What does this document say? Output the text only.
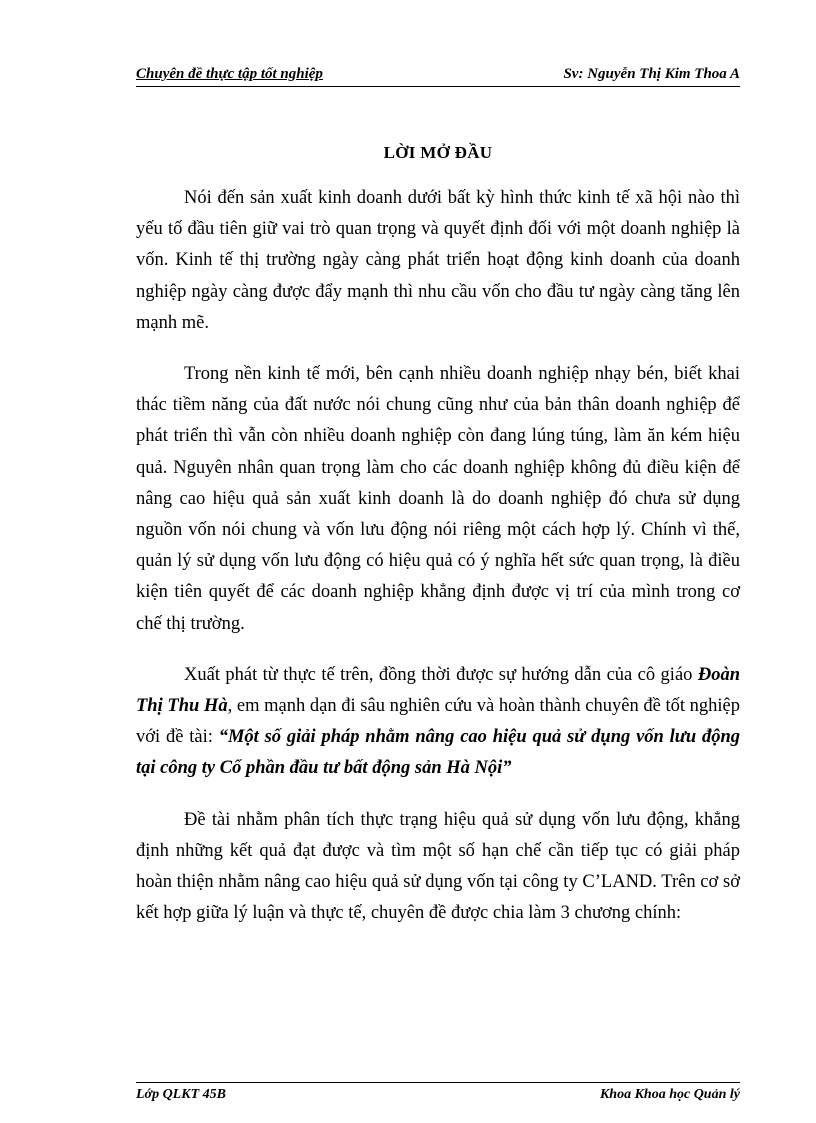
Chuyên đề thực tập tốt nghiệp	Sv: Nguyễn Thị Kim Thoa A
LỜI MỞ ĐẦU

Nói đến sản xuất kinh doanh dưới bất kỳ hình thức kinh tế xã hội nào thì yếu tố đầu tiên giữ vai trò quan trọng và quyết định đối với một doanh nghiệp là vốn. Kinh tế thị trường ngày càng phát triển hoạt động kinh doanh của doanh nghiệp ngày càng được đẩy mạnh thì nhu cầu vốn cho đầu tư ngày càng tăng lên mạnh mẽ.

Trong nền kinh tế mới, bên cạnh nhiều doanh nghiệp nhạy bén, biết khai thác tiềm năng của đất nước nói chung cũng như của bản thân doanh nghiệp để phát triển thì vẫn còn nhiều doanh nghiệp còn đang lúng túng, làm ăn kém hiệu quả. Nguyên nhân quan trọng làm cho các doanh nghiệp không đủ điều kiện để nâng cao hiệu quả sản xuất kinh doanh là do doanh nghiệp đó chưa sử dụng nguồn vốn nói chung và vốn lưu động nói riêng một cách hợp lý. Chính vì thế, quản lý sử dụng vốn lưu động có hiệu quả có ý nghĩa hết sức quan trọng, là điều kiện tiên quyết để các doanh nghiệp khẳng định được vị trí của mình trong cơ chế thị trường.

Xuất phát từ thực tế trên, đồng thời được sự hướng dẫn của cô giáo Đoàn Thị Thu Hà, em mạnh dạn đi sâu nghiên cứu và hoàn thành chuyên đề tốt nghiệp với đề tài: “Một số giải pháp nhằm nâng cao hiệu quả sử dụng vốn lưu động tại công ty Cổ phần đầu tư bất động sản Hà Nội”

Đề tài nhằm phân tích thực trạng hiệu quả sử dụng vốn lưu động, khẳng định những kết quả đạt được và tìm một số hạn chế cần tiếp tục có giải pháp hoàn thiện nhằm nâng cao hiệu quả sử dụng vốn tại công ty C’LAND. Trên cơ sở kết hợp giữa lý luận và thực tế, chuyên đề được chia làm 3 chương chính:

Lớp QLKT 45B	Khoa Khoa học Quản lý
